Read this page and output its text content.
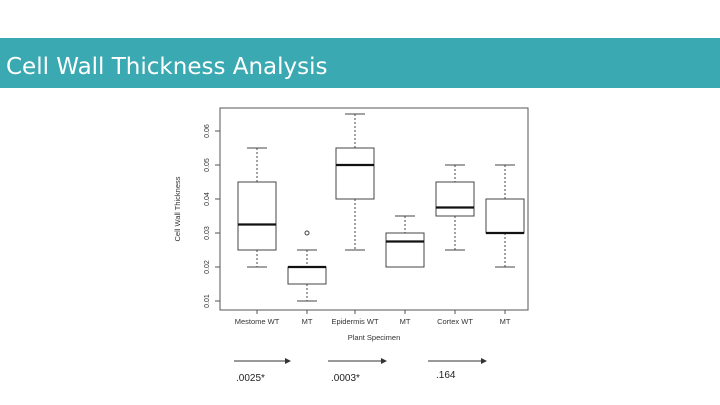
Cell Wall Thickness Analysis
0.01
0.02
0.03
0.04
0.05
0.06
Cell Wall Thickness
Mestome WT	MT	Epidermis WT	MT	Cortex WT	MT
Plant Specimen
.0025*	.0003*	.164
